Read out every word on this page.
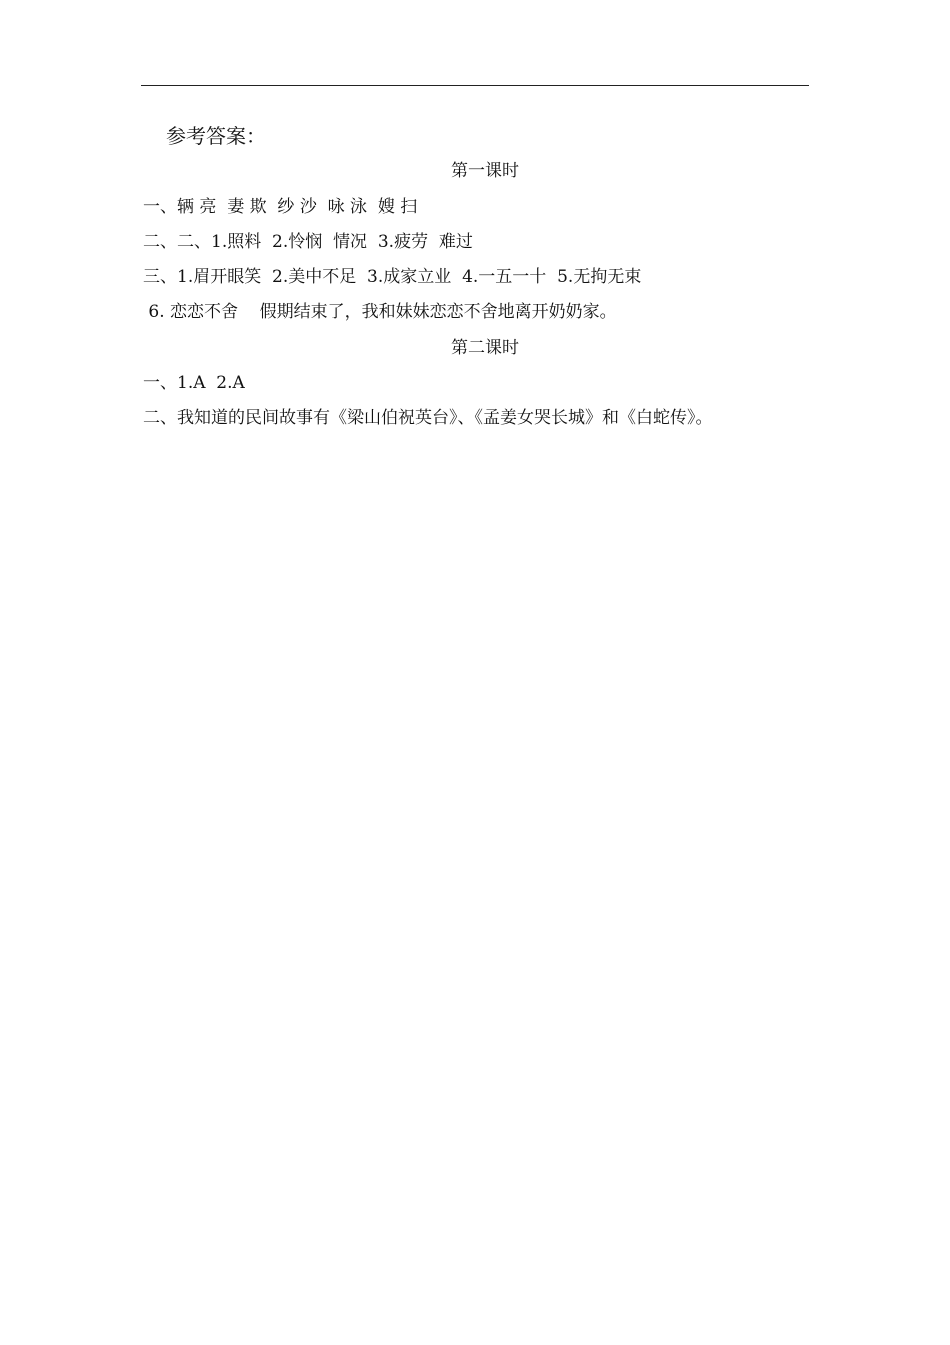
参考答案：
第一课时
一、辆 亮  妻 欺  纱 沙  咏 泳  嫂 扫
二、二、1.照料  2.怜悯  情况  3.疲劳  难过
三、1.眉开眼笑  2.美中不足  3.成家立业  4.一五一十  5.无拘无束
6. 恋恋不舍    假期结束了，我和妹妹恋恋不舍地离开奶奶家。
第二课时
一、1.A  2.A
二、我知道的民间故事有《梁山伯祝英台》、《孟姜女哭长城》和《白蛇传》。
